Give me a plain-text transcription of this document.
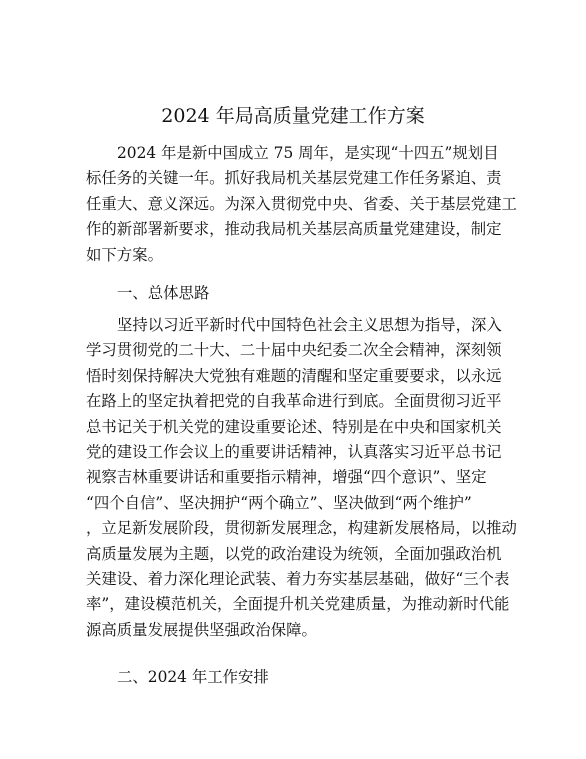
2024 年局高质量党建工作方案

2024 年是新中国成立 75 周年，是实现“十四五”规划目
标任务的关键一年。抓好我局机关基层党建工作任务紧迫、责
任重大、意义深远。为深入贯彻党中央、省委、关于基层党建工
作的新部署新要求，推动我局机关基层高质量党建建设，制定
如下方案。

一、总体思路

坚持以习近平新时代中国特色社会主义思想为指导，深入
学习贯彻党的二十大、二十届中央纪委二次全会精神，深刻领
悟时刻保持解决大党独有难题的清醒和坚定重要要求，以永远
在路上的坚定执着把党的自我革命进行到底。全面贯彻习近平
总书记关于机关党的建设重要论述、特别是在中央和国家机关
党的建设工作会议上的重要讲话精神，认真落实习近平总书记
视察吉林重要讲话和重要指示精神，增强“四个意识”、坚定
“四个自信”、坚决拥护“两个确立”、坚决做到“两个维护”
，立足新发展阶段，贯彻新发展理念，构建新发展格局，以推动
高质量发展为主题，以党的政治建设为统领，全面加强政治机
关建设、着力深化理论武装、着力夯实基层基础，做好“三个表
率”，建设模范机关，全面提升机关党建质量，为推动新时代能
源高质量发展提供坚强政治保障。

二、2024 年工作安排
